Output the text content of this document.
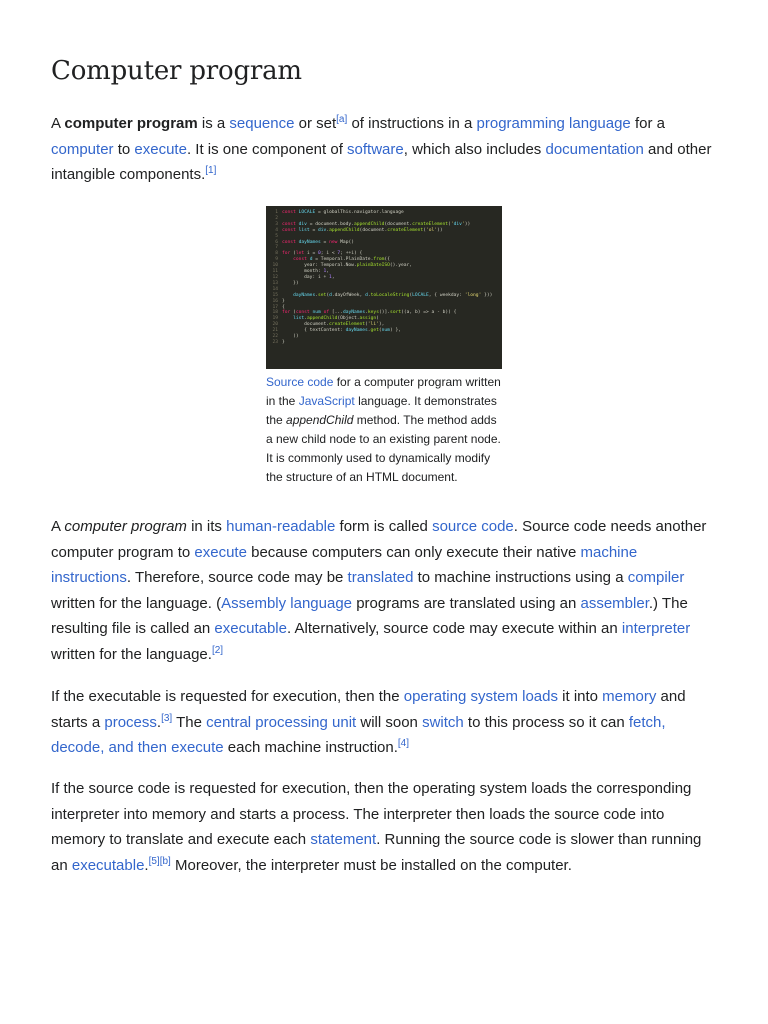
Computer program

A computer program is a sequence or set[a] of instructions in a programming language for a computer to execute. It is one component of software, which also includes documentation and other intangible components.[1]

1 const LOCALE = globalThis.navigator.language
2
3 const div = document.body.appendChild(document.createElement('div'))
4 const list = div.appendChild(document.createElement('ol'))
5
6 const dayNames = new Map()
7
8 for (let i = 0; i < 7; ++i) {
9	const d = Temporal.PlainDate.from({
10        year: Temporal.Now.plainDateISO().year,
11        month: 1,
12        day: i + 1,
13    })
14
15	dayNames.set(d.dayOfWeek, d.toLocaleString(LOCALE, { weekday: 'long' }))
16 }
17 {
18 for (const num of [...dayNames.keys()].sort((a, b) => a - b)) {
19	list.appendChild(Object.assign(
20        document.createElement('li'),
21        { textContent: dayNames.get(num) },
22    ))
23 }
Source code for a computer program written in the JavaScript language. It demonstrates the appendChild method. The method adds a new child node to an existing parent node. It is commonly used to dynamically modify the structure of an HTML document.

A computer program in its human-readable form is called source code. Source code needs another computer program to execute because computers can only execute their native machine instructions. Therefore, source code may be translated to machine instructions using a compiler written for the language. (Assembly language programs are translated using an assembler.) The resulting file is called an executable. Alternatively, source code may execute within an interpreter written for the language.[2]

If the executable is requested for execution, then the operating system loads it into memory and starts a process.[3] The central processing unit will soon switch to this process so it can fetch, decode, and then execute each machine instruction.[4]

If the source code is requested for execution, then the operating system loads the corresponding interpreter into memory and starts a process. The interpreter then loads the source code into memory to translate and execute each statement. Running the source code is slower than running an executable.[5][b] Moreover, the interpreter must be installed on the computer.
